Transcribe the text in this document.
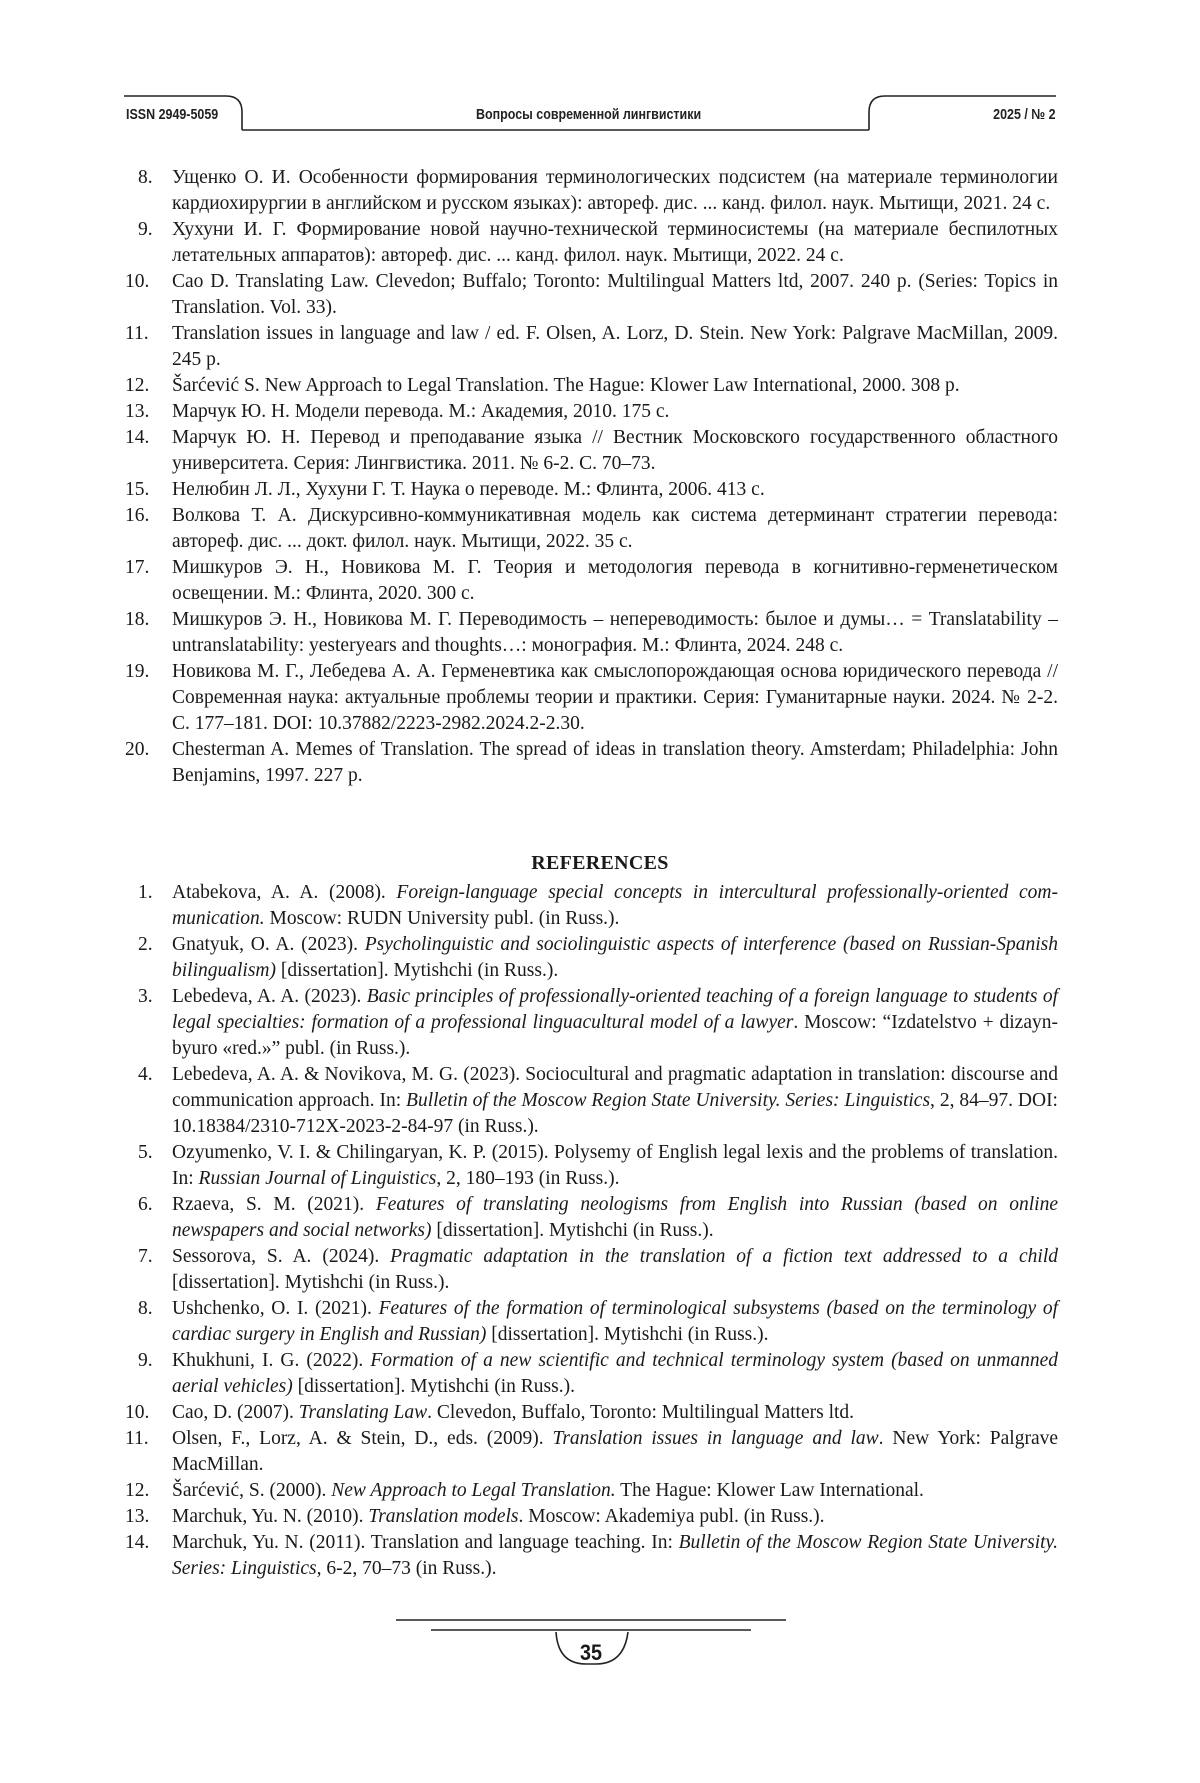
ISSN 2949-5059	Вопросы современной лингвистики	2025 / № 2
8. Ущенко О. И. Особенности формирования терминологических подсистем (на материале тер­минологии кардиохирургии в английском и русском языках): автореф. дис. ... канд. филол. наук. Мытищи, 2021. 24 с.
9. Хухуни И. Г. Формирование новой научно-технической терминосистемы (на материале беспи­лотных летательных аппаратов): автореф. дис. ... канд. филол. наук. Мытищи, 2022. 24 с.
10. Cao D. Translating Law. Clevedon; Buffalo; Toronto: Multilingual Matters ltd, 2007. 240 p. (Series: Topics in Translation. Vol. 33).
11. Translation issues in language and law / ed. F. Olsen, A. Lorz, D. Stein. New York: Palgrave MacMillan, 2009. 245 p.
12. Šarćević S. New Approach to Legal Translation. The Hague: Klower Law International, 2000. 308 p.
13. Марчук Ю. Н. Модели перевода. М.: Академия, 2010. 175 с.
14. Марчук Ю. Н. Перевод и преподавание языка // Вестник Московского государственного об­ластного университета. Серия: Лингвистика. 2011. № 6-2. С. 70–73.
15. Нелюбин Л. Л., Хухуни Г. Т. Наука о переводе. М.: Флинта, 2006. 413 с.
16. Волкова Т. А. Дискурсивно-коммуникативная модель как система детерминант стратегии пе­ревода: автореф. дис. ... докт. филол. наук. Мытищи, 2022. 35 с.
17. Мишкуров Э. Н., Новикова М. Г. Теория и методология перевода в когнитивно-герменетиче­ском освещении. М.: Флинта, 2020. 300 с.
18. Мишкуров Э. Н., Новикова М. Г. Переводимость – непереводимость: былое и думы… = Trans­latability – untranslatability: yesteryears and thoughts…: монография. М.: Флинта, 2024. 248 с.
19. Новикова М. Г., Лебедева А. А. Герменевтика как смыслопорождающая основа юридического перевода // Современная наука: актуальные проблемы теории и практики. Серия: Гуманитар­ные науки. 2024. № 2-2. С. 177–181. DOI: 10.37882/2223-2982.2024.2-2.30.
20. Chesterman A. Memes of Translation. The spread of ideas in translation theory. Amsterdam; Philadelphia: John Benjamins, 1997. 227 p.
REFERENCES
1. Atabekova, A. A. (2008). Foreign-language special concepts in intercultural professionally-oriented com­munication. Moscow: RUDN University publ. (in Russ.).
2. Gnatyuk, O. A. (2023). Psycholinguistic and sociolinguistic aspects of interference (based on Russian-Spanish bilingualism) [dissertation]. Mytishchi (in Russ.).
3. Lebedeva, A. A. (2023). Basic principles of professionally-oriented teaching of a foreign language to stu­dents of legal specialties: formation of a professional linguacultural model of a lawyer. Moscow: “Izdatel­stvo + dizayn-byuro «red.»” publ. (in Russ.).
4. Lebedeva, A. A. & Novikova, M. G. (2023). Sociocultural and pragmatic adaptation in translation: discourse and communication approach. In: Bulletin of the Moscow Region State University. Series: Linguistics, 2, 84–97. DOI: 10.18384/2310-712X-2023-2-84-97 (in Russ.).
5. Ozyumenko, V. I. & Chilingaryan, K. P. (2015). Polysemy of English legal lexis and the problems of translation. In: Russian Journal of Linguistics, 2, 180–193 (in Russ.).
6. Rzaeva, S. M. (2021). Features of translating neologisms from English into Russian (based on online newspapers and social networks) [dissertation]. Mytishchi (in Russ.).
7. Sessorova, S. A. (2024). Pragmatic adaptation in the translation of a fiction text addressed to a child [dissertation]. Mytishchi (in Russ.).
8. Ushchenko, O. I. (2021). Features of the formation of terminological subsystems (based on the terminol­ogy of cardiac surgery in English and Russian) [dissertation]. Mytishchi (in Russ.).
9. Khukhuni, I. G. (2022). Formation of a new scientific and technical terminology system (based on un­manned aerial vehicles) [dissertation]. Mytishchi (in Russ.).
10. Cao, D. (2007). Translating Law. Clevedon, Buffalo, Toronto: Multilingual Matters ltd.
11. Olsen, F., Lorz, A. & Stein, D., eds. (2009). Translation issues in language and law. New York: Palgrave MacMillan.
12. Šarćević, S. (2000). New Approach to Legal Translation. The Hague: Klower Law International.
13. Marchuk, Yu. N. (2010). Translation models. Moscow: Akademiya publ. (in Russ.).
14. Marchuk, Yu. N. (2011). Translation and language teaching. In: Bulletin of the Moscow Region State University. Series: Linguistics, 6-2, 70–73 (in Russ.).
35
